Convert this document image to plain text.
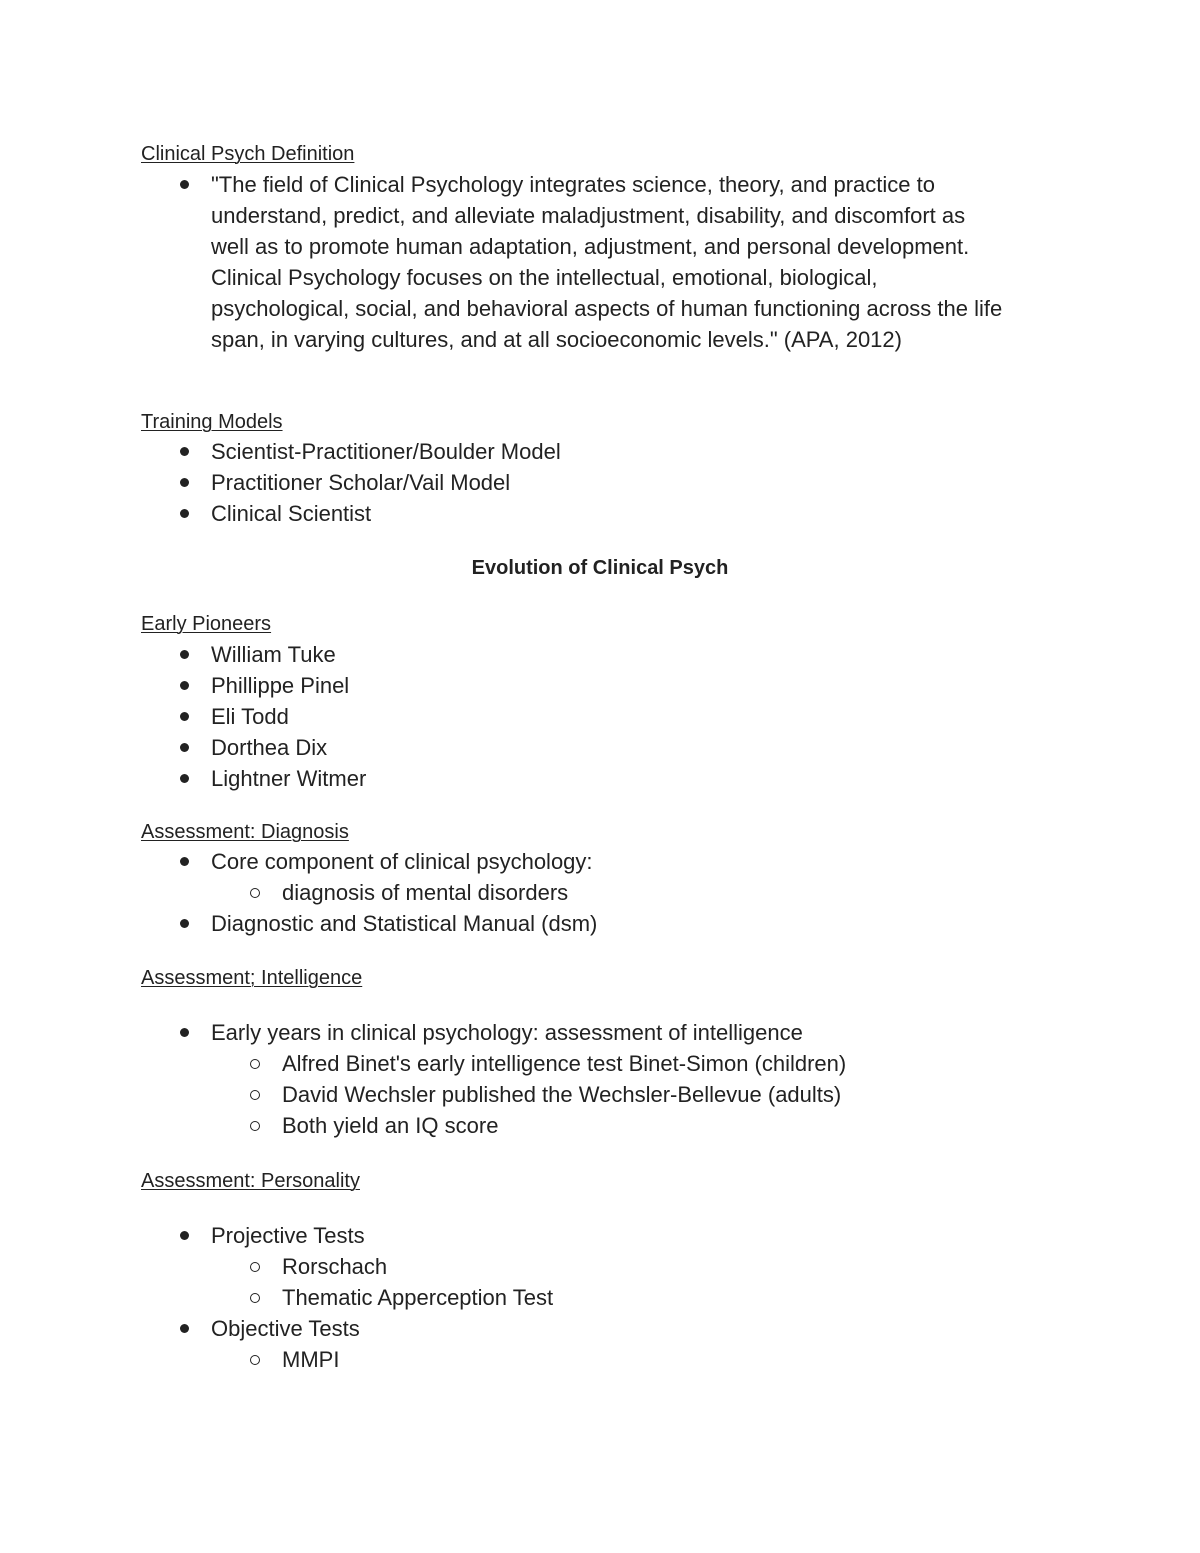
Clinical Psych Definition
"The field of Clinical Psychology integrates science, theory, and practice to
understand, predict, and alleviate maladjustment, disability, and discomfort as
well as to promote human adaptation, adjustment, and personal development.
Clinical Psychology focuses on the intellectual, emotional, biological,
psychological, social, and behavioral aspects of human functioning across the life
span, in varying cultures, and at all socioeconomic levels." (APA, 2012)
Training Models
Scientist-Practitioner/Boulder Model
Practitioner Scholar/Vail Model
Clinical Scientist
Evolution of Clinical Psych
Early Pioneers
William Tuke
Phillippe Pinel
Eli Todd
Dorthea Dix
Lightner Witmer
Assessment: Diagnosis
Core component of clinical psychology:
diagnosis of mental disorders
Diagnostic and Statistical Manual (dsm)
Assessment; Intelligence
Early years in clinical psychology: assessment of intelligence
Alfred Binet's early intelligence test Binet-Simon (children)
David Wechsler published the Wechsler-Bellevue (adults)
Both yield an IQ score
Assessment: Personality
Projective Tests
Rorschach
Thematic Apperception Test
Objective Tests
MMPI
